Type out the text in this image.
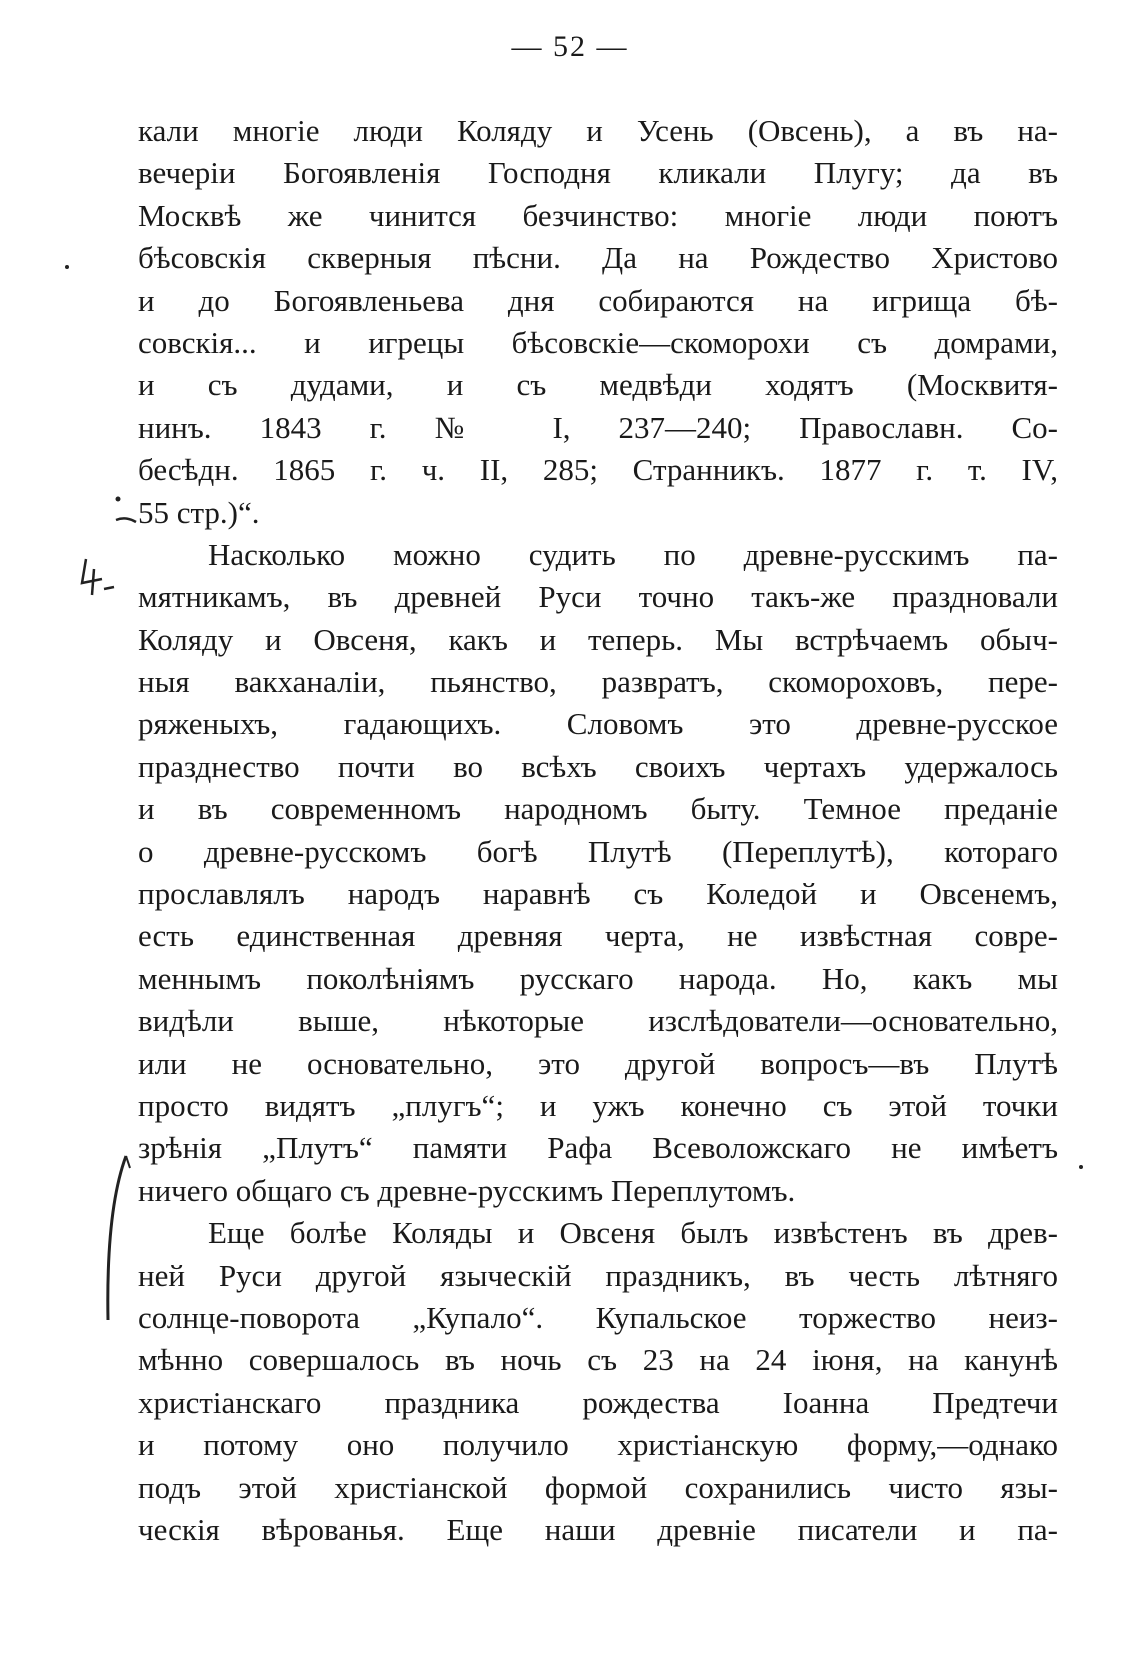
— 52 —
кали многіе люди Коляду и Усень (Овсень), а въ на-
вечеріи Богоявленія Господня кликали Плугу; да въ
Москвѣ же чинится безчинство: многіе люди поютъ
бѣсовскія скверныя пѣсни. Да на Рождество Христово
и до Богоявленьева дня собираются на игрища бѣ-
совскія... и игрецы бѣсовскіе—скоморохи съ домрами,
и съ дудами, и съ медвѣди ходятъ (Москвитя-
нинъ. 1843 г. № I, 237—240; Православн. Со-
бесѣдн. 1865 г. ч. II, 285; Странникъ. 1877 г. т. IV,
55 стр.)“.
Насколько можно судить по древне-русскимъ па-
мятникамъ, въ древней Руси точно такъ-же праздновали
Коляду и Овсеня, какъ и теперь. Мы встрѣчаемъ обыч-
ныя вакханаліи, пьянство, развратъ, скомороховъ, пере-
ряженыхъ, гадающихъ. Словомъ это древне-русское
празднество почти во всѣхъ своихъ чертахъ удержалось
и въ современномъ народномъ быту. Темное преданіе
о древне-русскомъ богѣ Плутѣ (Переплутѣ), котораго
прославлялъ народъ наравнѣ съ Коледой и Овсенемъ,
есть единственная древняя черта, не извѣстная совре-
меннымъ поколѣніямъ русскаго народа. Но, какъ мы
видѣли выше, нѣкоторые изслѣдователи—основательно,
или не основательно, это другой вопросъ—въ Плутѣ
просто видятъ „плугъ“; и ужъ конечно съ этой точки
зрѣнія „Плутъ“ памяти Рафа Всеволожскаго не имѣетъ
ничего общаго съ древне-русскимъ Переплутомъ.
Еще болѣе Коляды и Овсеня былъ извѣстенъ въ древ-
ней Руси другой языческій праздникъ, въ честь лѣтняго
солнце-поворота „Купало“. Купальское торжество неиз-
мѣнно совершалось въ ночь съ 23 на 24 іюня, на канунѣ
христіанскаго праздника рождества Іоанна Предтечи
и потому оно получило христіанскую форму,—однако
подъ этой христіанской формой сохранились чисто язы-
ческія вѣрованья. Еще наши древніе писатели и па-
